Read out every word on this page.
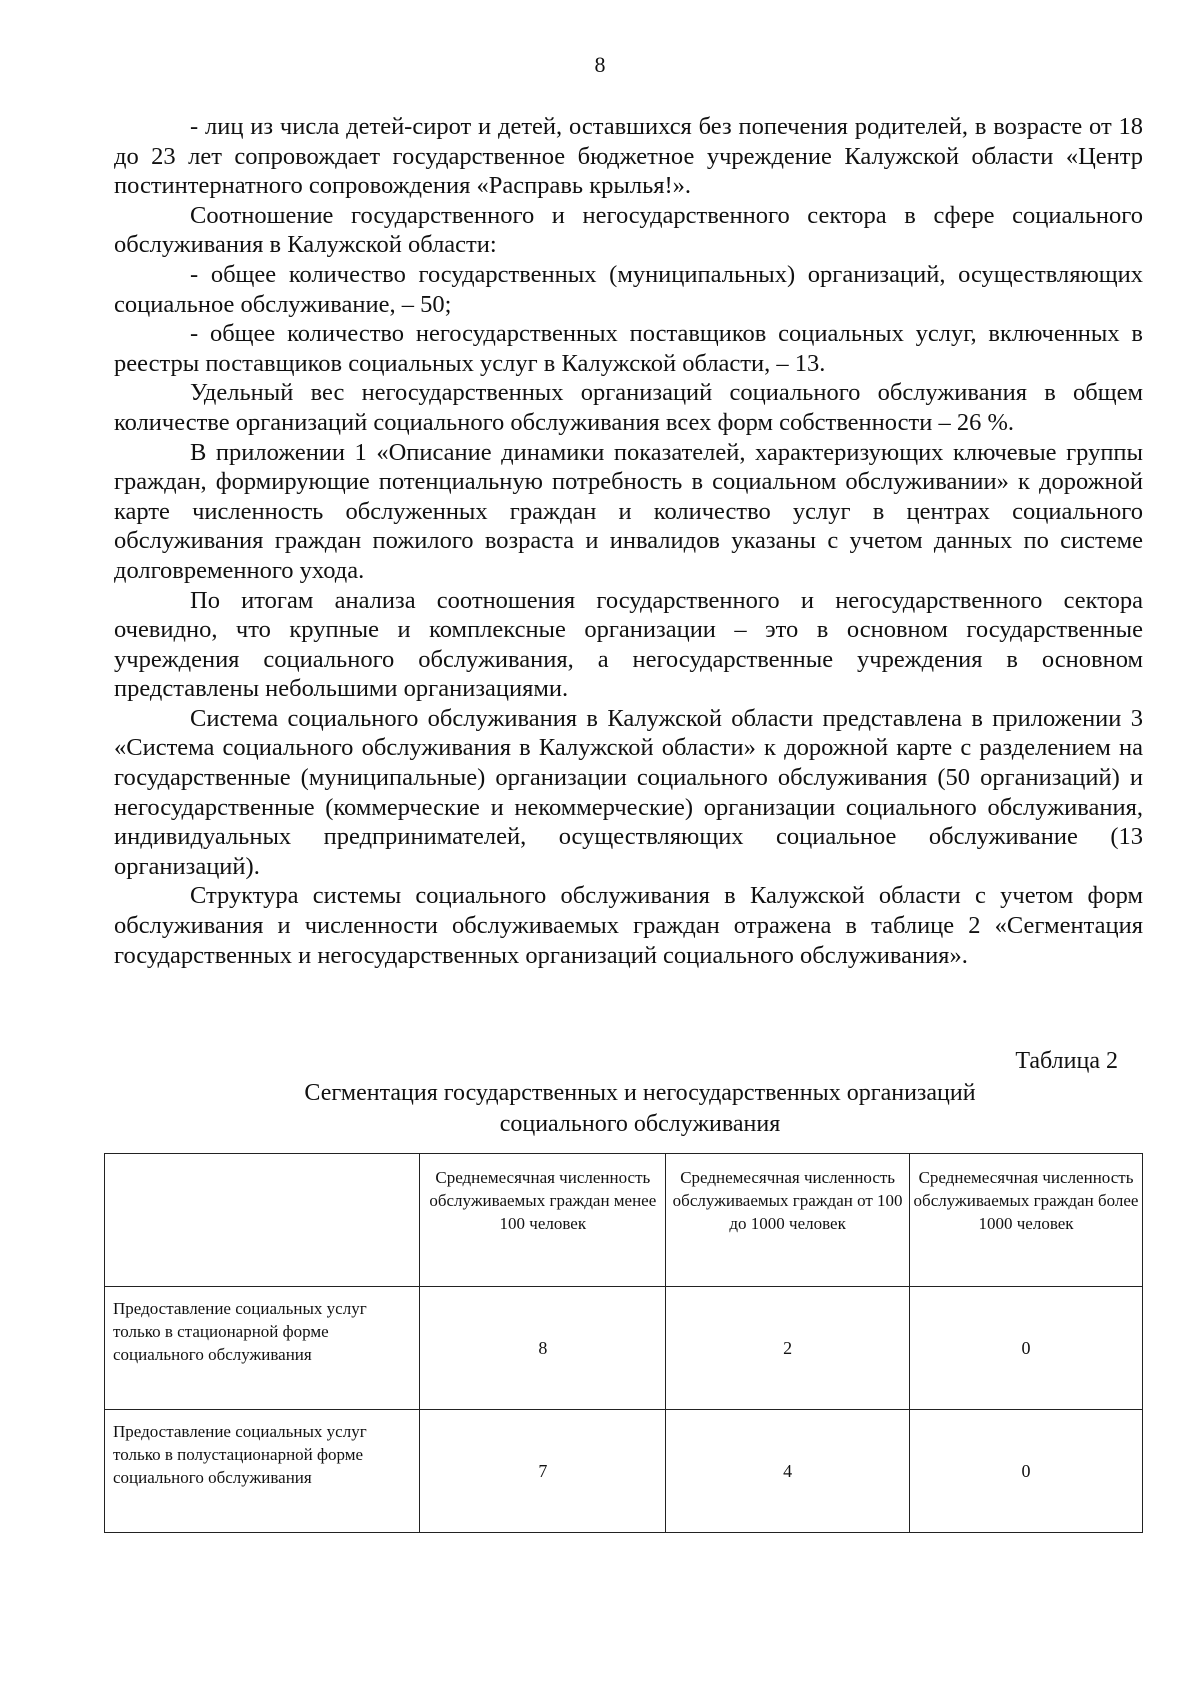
8

- лиц из числа детей-сирот и детей, оставшихся без попечения родителей, в возрасте от 18 до 23 лет сопровождает государственное бюджетное учреждение Калужской области «Центр постинтернатного сопровождения «Расправь крылья!».

Соотношение государственного и негосударственного сектора в сфере социального обслуживания в Калужской области:

- общее количество государственных (муниципальных) организаций, осуществляющих социальное обслуживание, – 50;

- общее количество негосударственных поставщиков социальных услуг, включенных в реестры поставщиков социальных услуг в Калужской области, – 13.

Удельный вес негосударственных организаций социального обслуживания в общем количестве организаций социального обслуживания всех форм собственности – 26 %.

В приложении 1 «Описание динамики показателей, характеризующих ключевые группы граждан, формирующие потенциальную потребность в социальном обслуживании» к дорожной карте численность обслуженных граждан и количество услуг в центрах социального обслуживания граждан пожилого возраста и инвалидов указаны с учетом данных по системе долговременного ухода.

По итогам анализа соотношения государственного и негосударственного сектора очевидно, что крупные и комплексные организации – это в основном государственные учреждения социального обслуживания, а негосударственные учреждения в основном представлены небольшими организациями.

Система социального обслуживания в Калужской области представлена в приложении 3 «Система социального обслуживания в Калужской области» к дорожной карте с разделением на государственные (муниципальные) организации социального обслуживания (50 организаций) и негосударственные (коммерческие и некоммерческие) организации социального обслуживания, индивидуальных предпринимателей, осуществляющих социальное обслуживание (13 организаций).

Структура системы социального обслуживания в Калужской области с учетом форм обслуживания и численности обслуживаемых граждан отражена в таблице 2 «Сегментация государственных и негосударственных организаций социального обслуживания».

Таблица 2
Сегментация государственных и негосударственных организаций
социального обслуживания
	Среднемесячная численность обслуживаемых граждан менее 100 человек	Среднемесячная численность обслуживаемых граждан от 100 до 1000 человек	Среднемесячная численность обслуживаемых граждан более 1000 человек
Предоставление социальных услуг только в стационарной форме социального обслуживания	8	2	0
Предоставление социальных услуг только в полустационарной форме социального обслуживания	7	4	0
